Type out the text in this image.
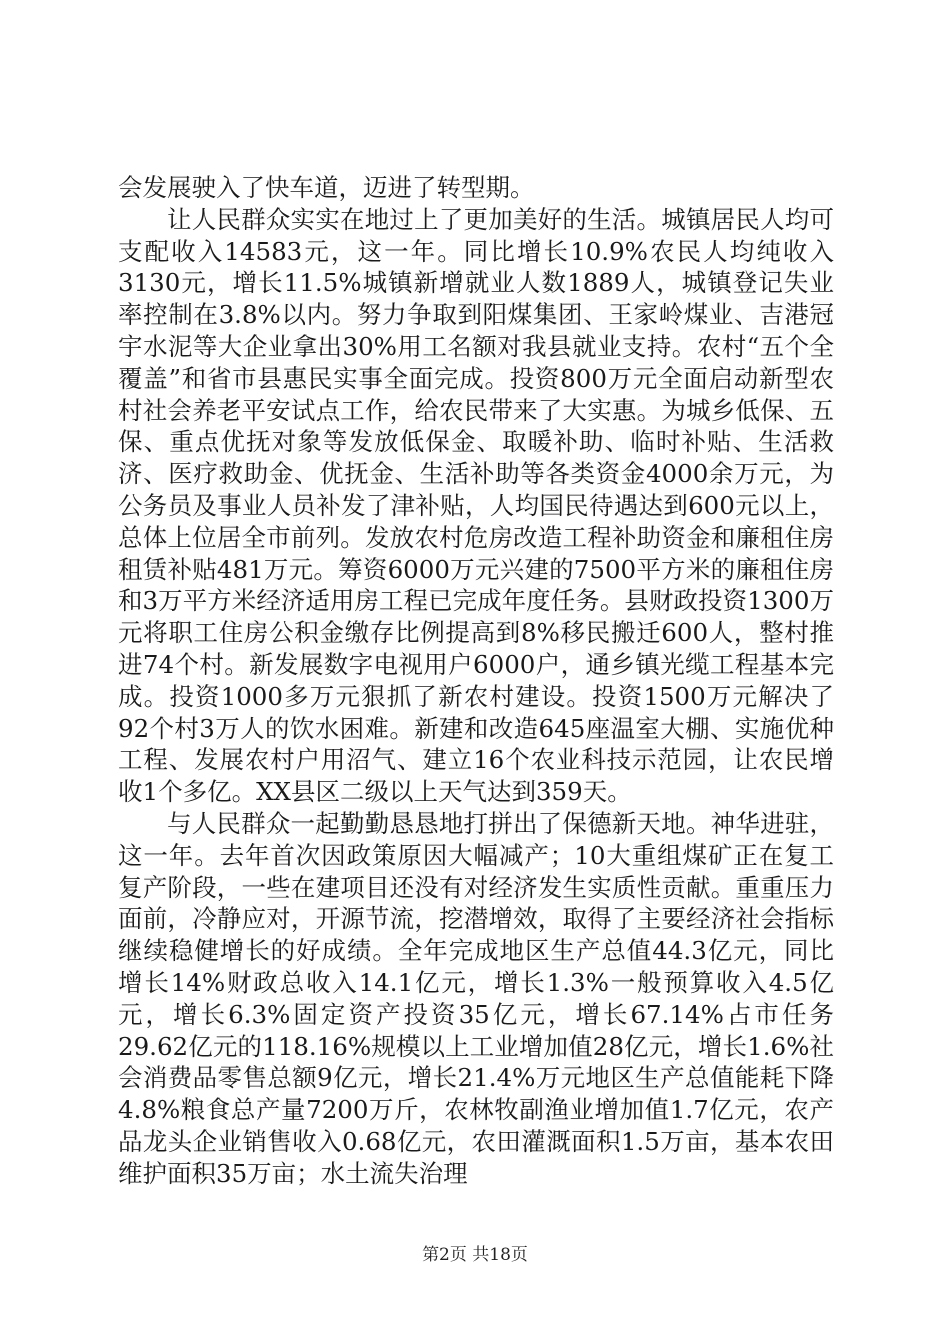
会发展驶入了快车道，迈进了转型期。

让人民群众实实在地过上了更加美好的生活。城镇居民人均可支配收入14583元，这一年。同比增长10.9%农民人均纯收入3130元，增长11.5%城镇新增就业人数1889人，城镇登记失业率控制在3.8%以内。努力争取到阳煤集团、王家岭煤业、吉港冠宇水泥等大企业拿出30%用工名额对我县就业支持。农村“五个全覆盖”和省市县惠民实事全面完成。投资800万元全面启动新型农村社会养老平安试点工作，给农民带来了大实惠。为城乡低保、五保、重点优抚对象等发放低保金、取暖补助、临时补贴、生活救济、医疗救助金、优抚金、生活补助等各类资金4000余万元，为公务员及事业人员补发了津补贴，人均国民待遇达到600元以上，总体上位居全市前列。发放农村危房改造工程补助资金和廉租住房租赁补贴481万元。筹资6000万元兴建的7500平方米的廉租住房和3万平方米经济适用房工程已完成年度任务。县财政投资1300万元将职工住房公积金缴存比例提高到8%移民搬迁600人，整村推进74个村。新发展数字电视用户6000户，通乡镇光缆工程基本完成。投资1000多万元狠抓了新农村建设。投资1500万元解决了92个村3万人的饮水困难。新建和改造645座温室大棚、实施优种工程、发展农村户用沼气、建立16个农业科技示范园，让农民增收1个多亿。XX县区二级以上天气达到359天。

与人民群众一起勤勤恳恳地打拼出了保德新天地。神华进驻，这一年。去年首次因政策原因大幅减产；10大重组煤矿正在复工复产阶段，一些在建项目还没有对经济发生实质性贡献。重重压力面前，冷静应对，开源节流，挖潜增效，取得了主要经济社会指标继续稳健增长的好成绩。全年完成地区生产总值44.3亿元，同比增长14%财政总收入14.1亿元，增长1.3%一般预算收入4.5亿元，增长6.3%固定资产投资35亿元，增长67.14%占市任务29.62亿元的118.16%规模以上工业增加值28亿元，增长1.6%社会消费品零售总额9亿元，增长21.4%万元地区生产总值能耗下降4.8%粮食总产量7200万斤，农林牧副渔业增加值1.7亿元，农产品龙头企业销售收入0.68亿元，农田灌溉面积1.5万亩，基本农田维护面积35万亩；水土流失治理

第2页 共18页
